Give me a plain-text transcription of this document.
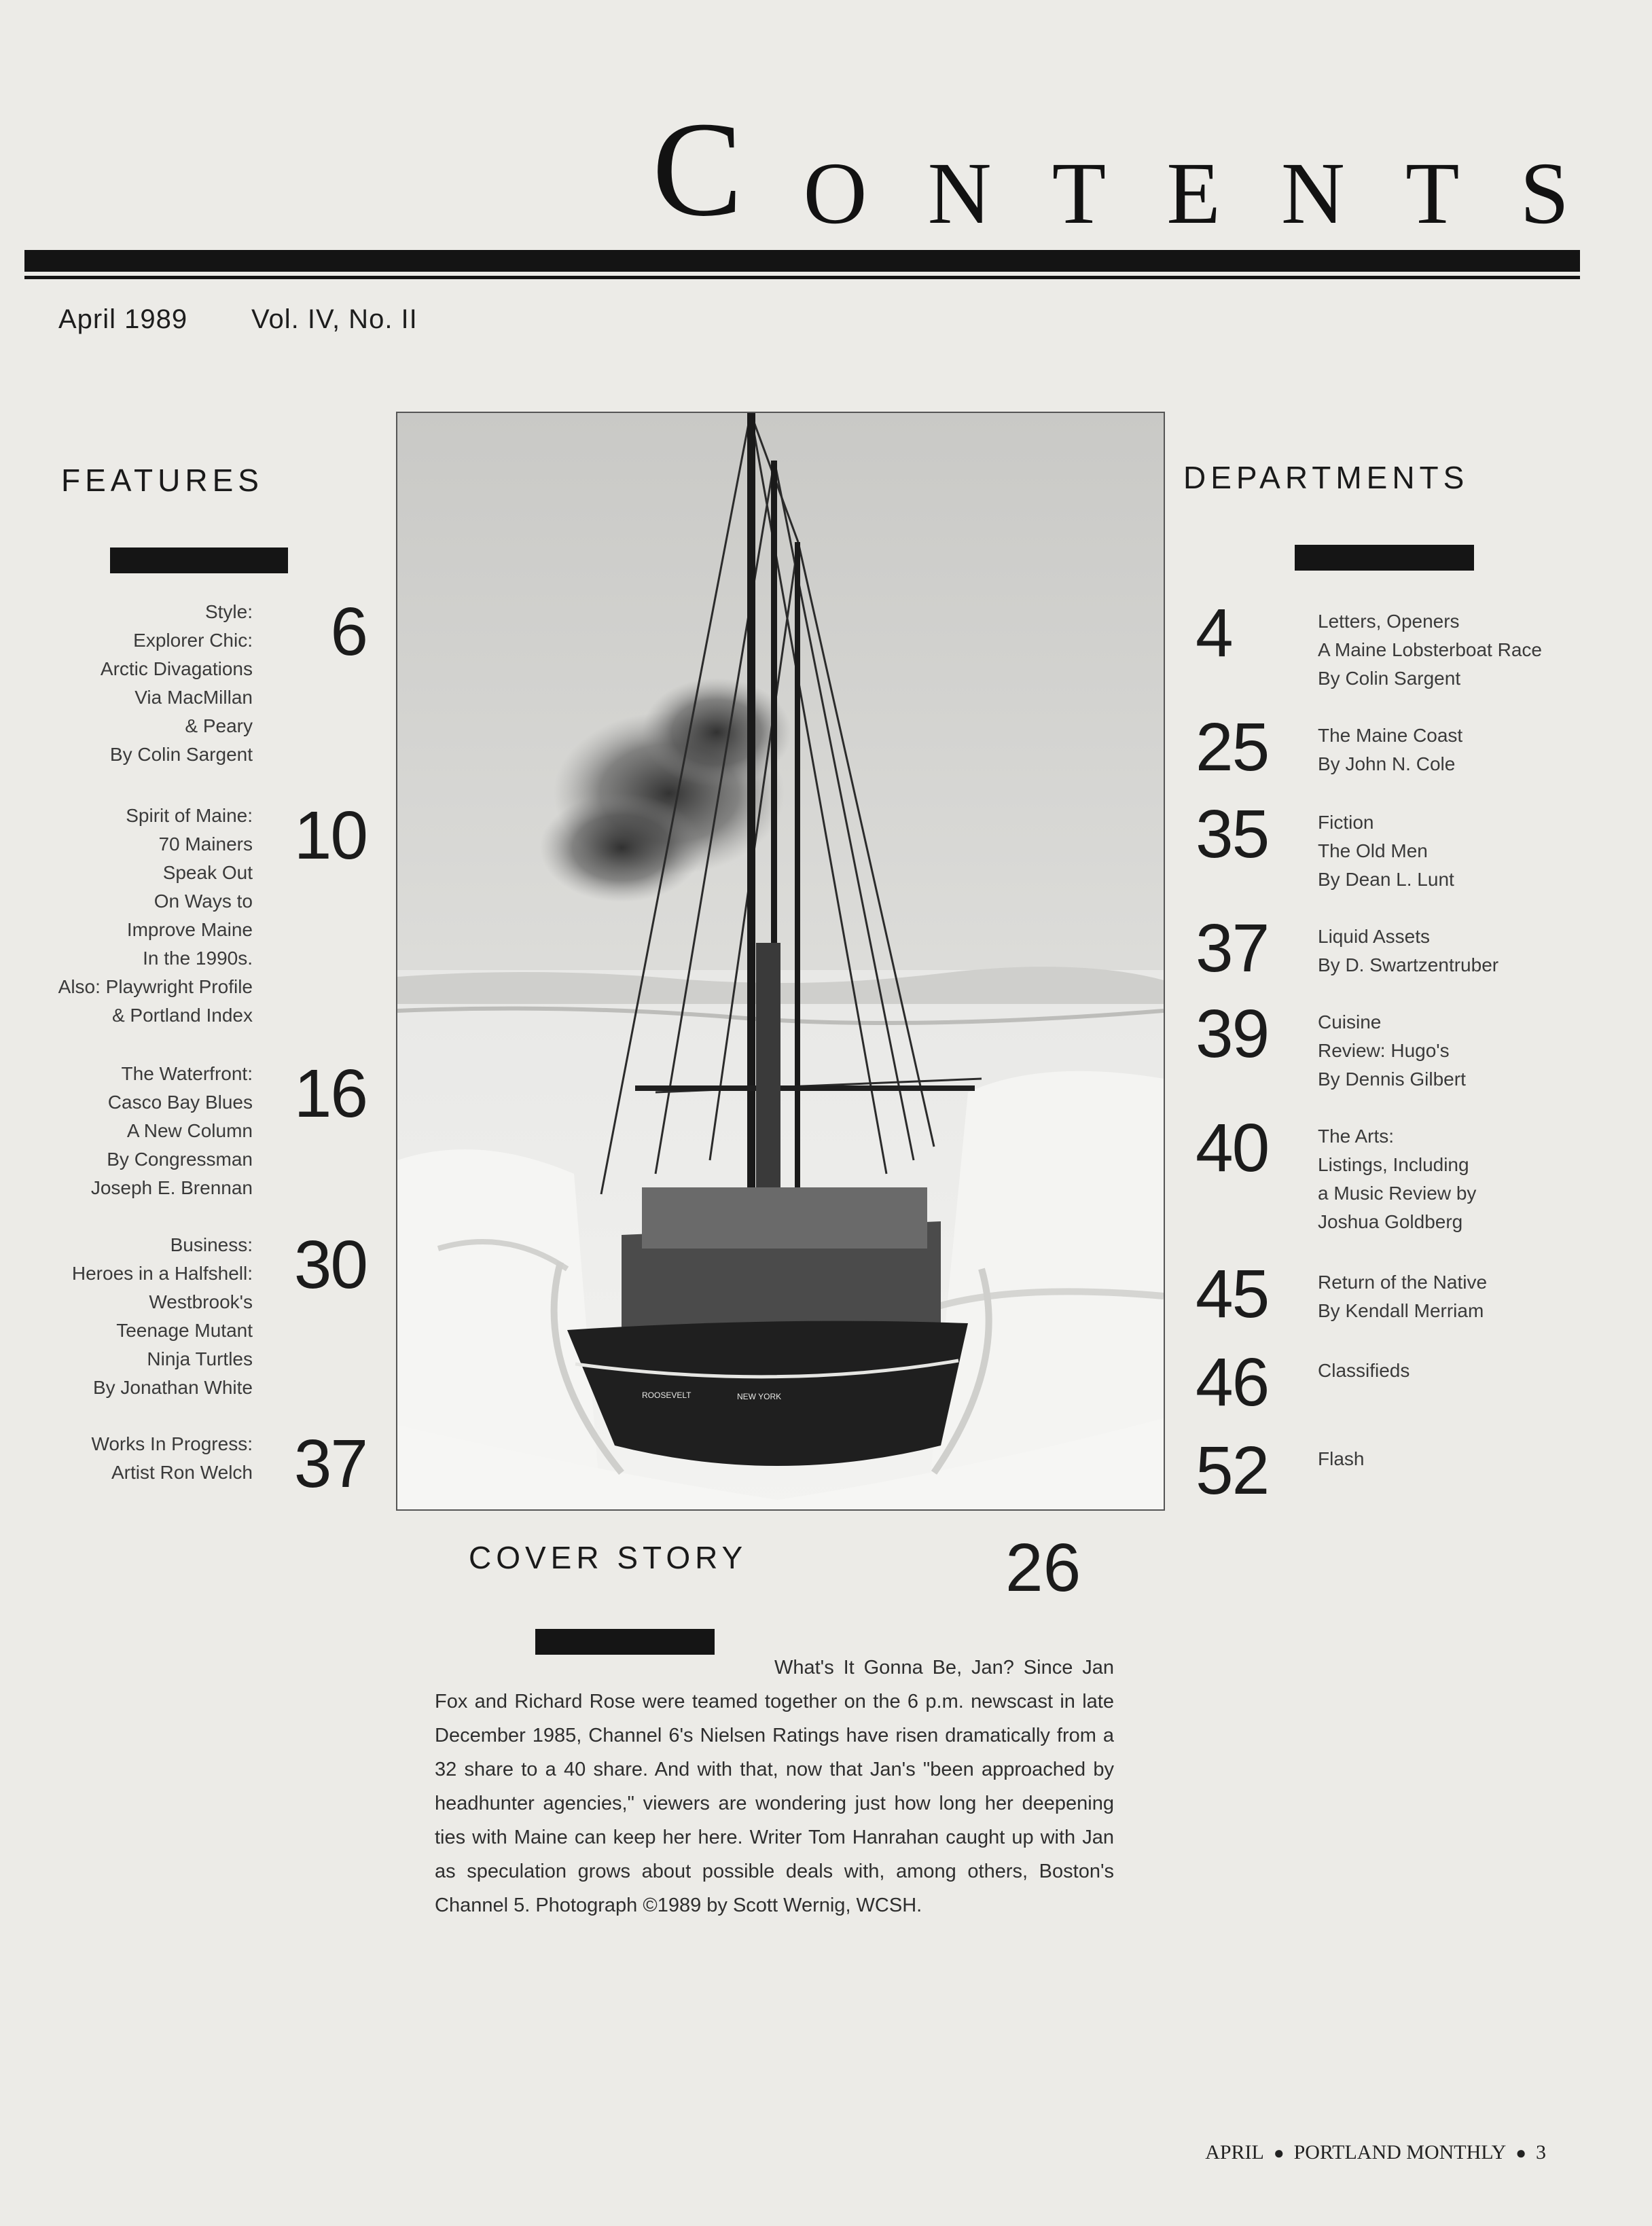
C O N T E N T S
April 1989 Vol. IV, No. II
FEATURES
Style:
Explorer Chic:
Arctic Divagations
Via MacMillan
& Peary
By Colin Sargent
6
Spirit of Maine:
70 Mainers
Speak Out
On Ways to
Improve Maine
In the 1990s.
Also: Playwright Profile
& Portland Index
10
The Waterfront:
Casco Bay Blues
A New Column
By Congressman
Joseph E. Brennan
16
Business:
Heroes in a Halfshell:
Westbrook's
Teenage Mutant
Ninja Turtles
By Jonathan White
30
Works In Progress:
Artist Ron Welch 37
DEPARTMENTS
4	Letters, Openers
A Maine Lobsterboat Race
By Colin Sargent
25	The Maine Coast
By John N. Cole
35	Fiction
The Old Men
By Dean L. Lunt
37	Liquid Assets
By D. Swartzentruber
39	Cuisine
Review: Hugo's
By Dennis Gilbert
40	The Arts:
Listings, Including
a Music Review by
Joshua Goldberg
45	Return of the Native
By Kendall Merriam
46	Classifieds
52	Flash
ROOSEVELT	NEW YORK
COVER STORY	26
What's It Gonna Be, Jan? Since Jan Fox and Richard Rose were teamed together on the 6 p.m. newscast in late December 1985, Channel 6's Nielsen Ratings have risen dramatically from a 32 share to a 40 share. And with that, now that Jan's "been approached by headhunter agencies," viewers are wondering just how long her deepening ties with Maine can keep her here. Writer Tom Hanrahan caught up with Jan as speculation grows about possible deals with, among others, Boston's Channel 5. Photograph ©1989 by Scott Wernig, WCSH.
APRIL ● PORTLAND MONTHLY ● 3
